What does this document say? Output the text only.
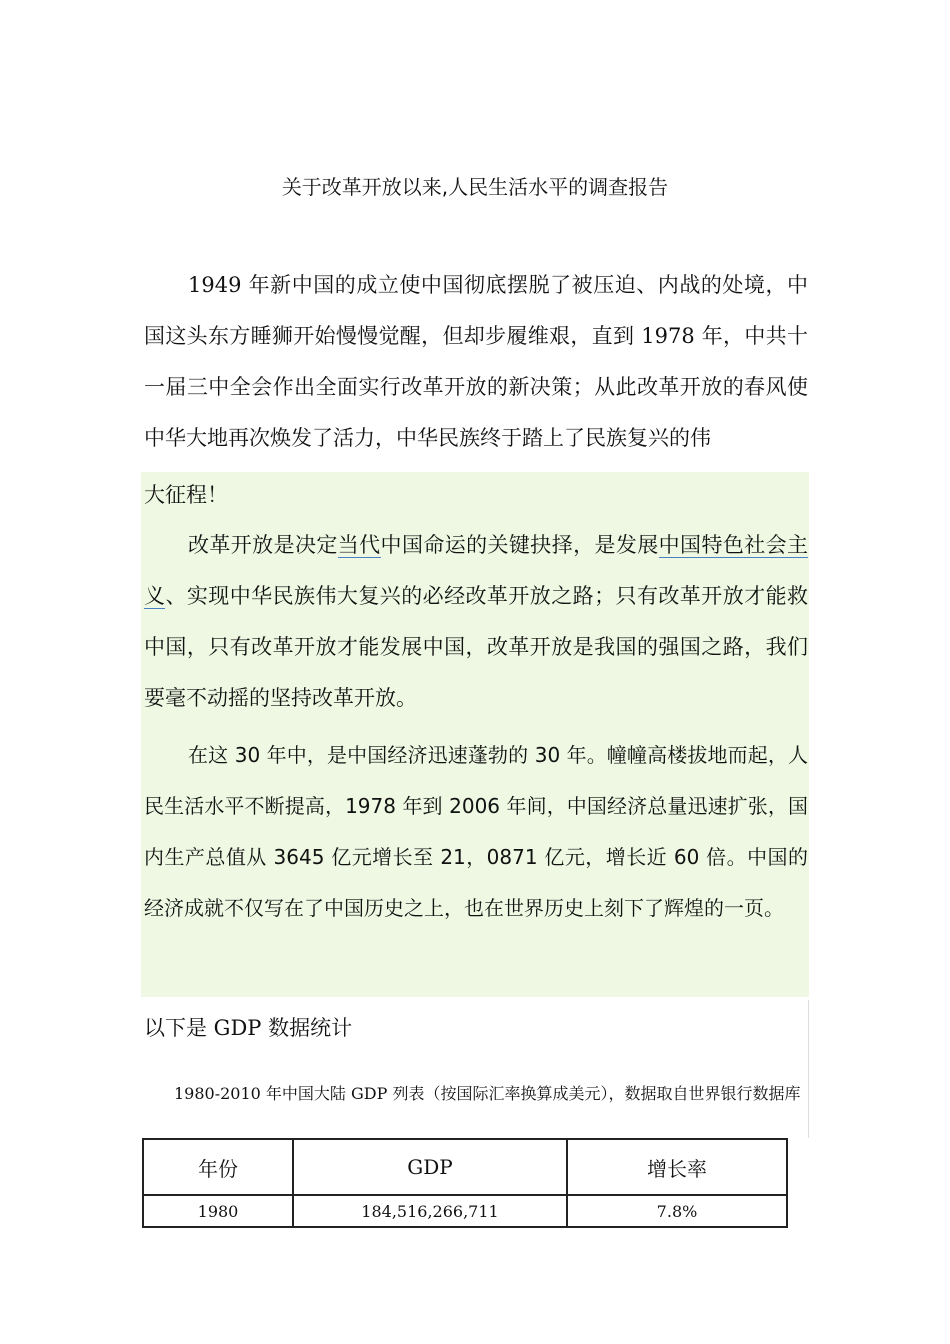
关于改革开放以来,人民生活水平的调查报告

1949 年新中国的成立使中国彻底摆脱了被压迫、内战的处境，中国这头东方睡狮开始慢慢觉醒，但却步履维艰，直到 1978 年，中共十一届三中全会作出全面实行改革开放的新决策；从此改革开放的春风使中华大地再次焕发了活力，中华民族终于踏上了民族复兴的伟

大征程！

改革开放是决定当代中国命运的关键抉择，是发展中国特色社会主义、实现中华民族伟大复兴的必经改革开放之路；只有改革开放才能救中国，只有改革开放才能发展中国，改革开放是我国的强国之路，我们要毫不动摇的坚持改革开放。

在这 30 年中，是中国经济迅速蓬勃的 30 年。幢幢高楼拔地而起，人民生活水平不断提高，1978 年到 2006 年间，中国经济总量迅速扩张，国内生产总值从 3645 亿元增长至 21，0871 亿元，增长近 60 倍。中国的经济成就不仅写在了中国历史之上，也在世界历史上刻下了辉煌的一页。

以下是 GDP 数据统计

1980-2010 年中国大陆 GDP 列表（按国际汇率换算成美元），数据取自世界银行数据库

年份	GDP	增长率
1980	184,516,266,711	7.8%
